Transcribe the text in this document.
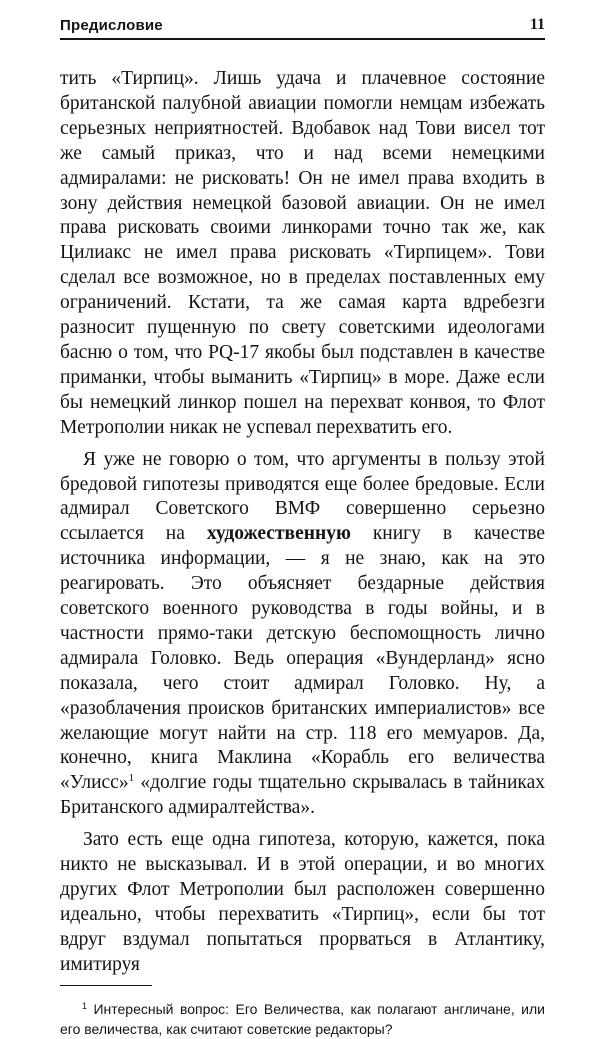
Предисловие	11

тить «Тирпиц». Лишь удача и плачевное состояние британской палубной авиации помогли немцам избежать серьезных неприятностей. Вдобавок над Тови висел тот же самый приказ, что и над всеми немецкими адмиралами: не рисковать! Он не имел права входить в зону действия немецкой базовой авиации. Он не имел права рисковать своими линкорами точно так же, как Цилиакс не имел права рисковать «Тирпицем». Тови сделал все возможное, но в пределах поставленных ему ограничений. Кстати, та же самая карта вдребезги разносит пущенную по свету советскими идеологами басню о том, что PQ-17 якобы был подставлен в качестве приманки, чтобы выманить «Тирпиц» в море. Даже если бы немецкий линкор пошел на перехват конвоя, то Флот Метрополии никак не успевал перехватить его.

Я уже не говорю о том, что аргументы в пользу этой бредовой гипотезы приводятся еще более бредовые. Если адмирал Советского ВМФ совершенно серьезно ссылается на художественную книгу в качестве источника информации, — я не знаю, как на это реагировать. Это объясняет бездарные действия советского военного руководства в годы войны, и в частности прямо-таки детскую беспомощность лично адмирала Головко. Ведь операция «Вундерланд» ясно показала, чего стоит адмирал Головко. Ну, а «разоблачения происков британских империалистов» все желающие могут найти на стр. 118 его мемуаров. Да, конечно, книга Маклина «Корабль его величества «Улисс»$^1$ «долгие годы тщательно скрывалась в тайниках Британского адмиралтейства».

Зато есть еще одна гипотеза, которую, кажется, пока никто не высказывал. И в этой операции, и во многих других Флот Метрополии был расположен совершенно идеально, чтобы перехватить «Тирпиц», если бы тот вдруг вздумал попытаться прорваться в Атлантику, имитируя

$^1$ Интересный вопрос: Его Величества, как полагают англичане, или его величества, как считают советские редакторы?
